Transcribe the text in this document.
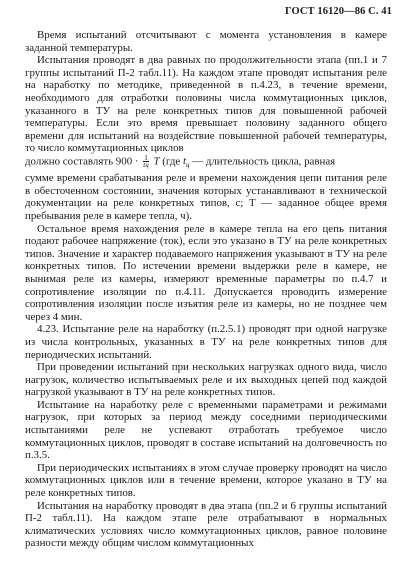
ГОСТ 16120—86 С. 41

Время испытаний отсчитывают с момента установления в камере заданной температуры.

Испытания проводят в два равных по продолжительности этапа (пп.1 и 7 группы испытаний П-2 табл.11). На каждом этапе проводят испытания реле на наработку по методике, приведенной в п.4.23, в течение времени, необходимого для отработки половины числа коммутационных циклов, указанного в ТУ на реле конкретных типов для повышенной рабочей температуры. Если это время превышает половину заданного общего времени для испытаний на воздействие повышенной рабочей температуры, то число коммутационных циклов

должно составлять $900 \cdot \frac{1}{tц}$ T (где $t_ц$ — длительность цикла, равная

сумме времени срабатывания реле и времени нахождения цепи питания реле в обесточенном состоянии, значения которых устанавливают в технической документации на реле конкретных типов, с; T — заданное общее время пребывания реле в камере тепла, ч).

Остальное время нахождения реле в камере тепла на его цепь питания подают рабочее напряжение (ток), если это указано в ТУ на реле конкретных типов. Значение и характер подаваемого напряжения указывают в ТУ на реле конкретных типов. По истечении времени выдержки реле в камере, не вынимая реле из камеры, измеряют временные параметры по п.4.7 и сопротивление изоляции по п.4.11. Допускается проводить измерение сопротивления изоляции после изъятия реле из камеры, но не позднее чем через 4 мин.

4.23. Испытание реле на наработку (п.2.5.1) проводят при одной нагрузке из числа контрольных, указанных в ТУ на реле конкретных типов для периодических испытаний.

При проведении испытаний при нескольких нагрузках одного вида, число нагрузок, количество испытываемых реле и их выходных цепей под каждой нагрузкой указывают в ТУ на реле конкретных типов.

Испытание на наработку реле с временными параметрами и режимами нагрузок, при которых за период между соседними периодическими испытаниями реле не успевают отработать требуемое число коммутационных циклов, проводят в составе испытаний на долговечность по п.3.5.

При периодических испытаниях в этом случае проверку проводят на число коммутационных циклов или в течение времени, которое указано в ТУ на реле конкретных типов.

Испытания на наработку проводят в два этапа (пп.2 и 6 группы испытаний П-2 табл.11). На каждом этапе реле отрабатывают в нормальных климатических условиях число коммутационных циклов, равное половине разности между общим числом коммутационных
